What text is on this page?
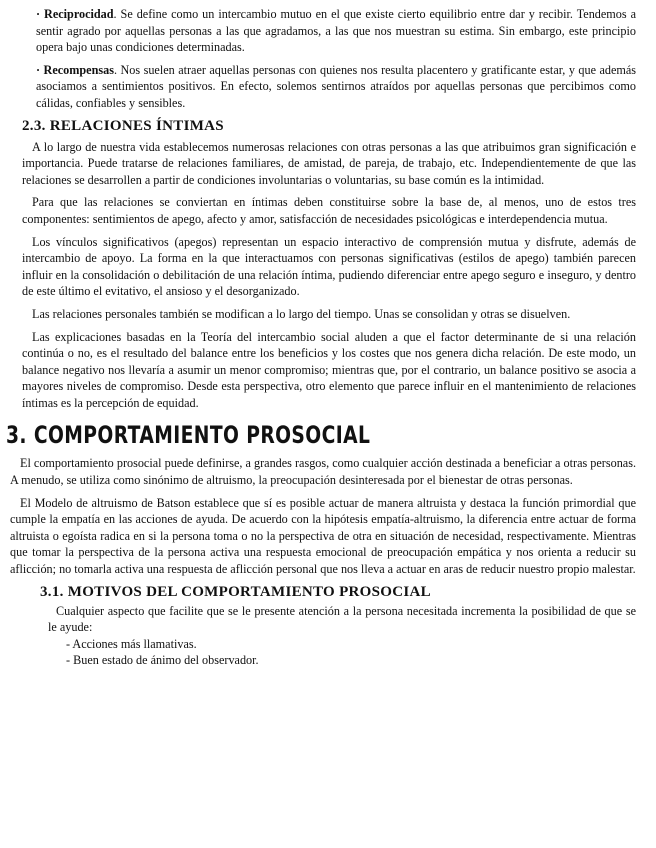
· Reciprocidad. Se define como un intercambio mutuo en el que existe cierto equilibrio entre dar y recibir. Tendemos a sentir agrado por aquellas personas a las que agradamos, a las que nos muestran su estima. Sin embargo, este principio opera bajo unas condiciones determinadas.

· Recompensas. Nos suelen atraer aquellas personas con quienes nos resulta placentero y gratificante estar, y que además asociamos a sentimientos positivos. En efecto, solemos sentirnos atraídos por aquellas personas que percibimos como cálidas, confiables y sensibles.

2.3. RELACIONES ÍNTIMAS

A lo largo de nuestra vida establecemos numerosas relaciones con otras personas a las que atribuimos gran significación e importancia. Puede tratarse de relaciones familiares, de amistad, de pareja, de trabajo, etc. Independientemente de que las relaciones se desarrollen a partir de condiciones involuntarias o voluntarias, su base común es la intimidad.

Para que las relaciones se conviertan en íntimas deben constituirse sobre la base de, al menos, uno de estos tres componentes: sentimientos de apego, afecto y amor, satisfacción de necesidades psicológicas e interdependencia mutua.

Los vínculos significativos (apegos) representan un espacio interactivo de comprensión mutua y disfrute, además de intercambio de apoyo. La forma en la que interactuamos con personas significativas (estilos de apego) también parecen influir en la consolidación o debilitación de una relación íntima, pudiendo diferenciar entre apego seguro e inseguro, y dentro de este último el evitativo, el ansioso y el desorganizado.

Las relaciones personales también se modifican a lo largo del tiempo. Unas se consolidan y otras se disuelven.

Las explicaciones basadas en la Teoría del intercambio social aluden a que el factor determinante de si una relación continúa o no, es el resultado del balance entre los beneficios y los costes que nos genera dicha relación. De este modo, un balance negativo nos llevaría a asumir un menor compromiso; mientras que, por el contrario, un balance positivo se asocia a mayores niveles de compromiso. Desde esta perspectiva, otro elemento que parece influir en el mantenimiento de relaciones íntimas es la percepción de equidad.

3. COMPORTAMIENTO PROSOCIAL

El comportamiento prosocial puede definirse, a grandes rasgos, como cualquier acción destinada a beneficiar a otras personas. A menudo, se utiliza como sinónimo de altruismo, la preocupación desinteresada por el bienestar de otras personas.

El Modelo de altruismo de Batson establece que sí es posible actuar de manera altruista y destaca la función primordial que cumple la empatía en las acciones de ayuda. De acuerdo con la hipótesis empatía-altruismo, la diferencia entre actuar de forma altruista o egoísta radica en si la persona toma o no la perspectiva de otra en situación de necesidad, respectivamente. Mientras que tomar la perspectiva de la persona activa una respuesta emocional de preocupación empática y nos orienta a reducir su aflicción; no tomarla activa una respuesta de aflicción personal que nos lleva a actuar en aras de reducir nuestro propio malestar.

3.1. MOTIVOS DEL COMPORTAMIENTO PROSOCIAL

Cualquier aspecto que facilite que se le presente atención a la persona necesitada incrementa la posibilidad de que se le ayude:

- Acciones más llamativas.
- Buen estado de ánimo del observador.
